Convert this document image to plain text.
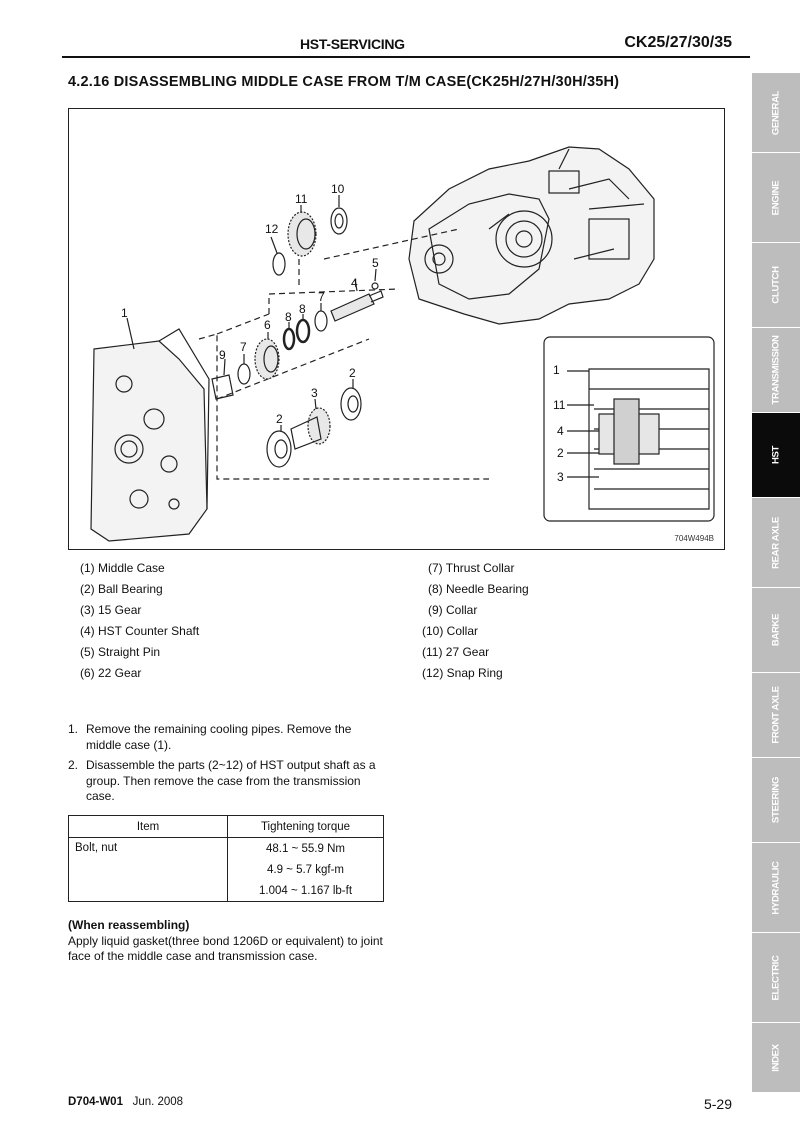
HST-SERVICING	CK25/27/30/35
4.2.16 DISASSEMBLING MIDDLE CASE FROM T/M CASE(CK25H/27H/30H/35H)
11
10
12
5
4
7
8
8
6
7
9
1
2
3
2
1
11
4
2
3
704W494B
(1) Middle Case
(2) Ball Bearing
(3) 15 Gear
(4) HST Counter Shaft
(5) Straight Pin
(6) 22 Gear
(7) Thrust Collar
(8) Needle Bearing
(9) Collar
(10) Collar
(11) 27 Gear
(12) Snap Ring
1. Remove the remaining cooling pipes. Remove the middle case (1).
2. Disassemble the parts (2~12) of HST output shaft as a group. Then remove the case from the transmission case.
Item	Tightening torque
Bolt, nut	48.1 ~ 55.9 Nm
	4.9 ~ 5.7 kgf-m
	1.004 ~ 1.167 lb-ft
(When reassembling)
Apply liquid gasket(three bond 1206D or equivalent) to joint face of the middle case and transmission case.
D704-W01 Jun. 2008	5-29
GENERAL
ENGINE
CLUTCH
TRANSMISSION
HST
REAR AXLE
BARKE
FRONT AXLE
STEERING
HYDRAULIC
ELECTRIC
INDEX
